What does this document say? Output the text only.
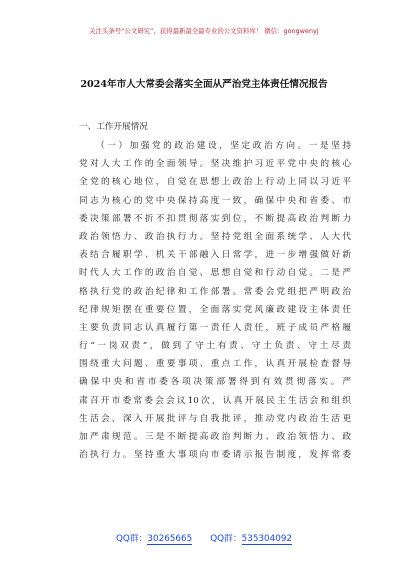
关注头条号“公文研究”，获得最新最全最专业的公文资料库！ 微信：gongwenyj
2024年市人大常委会落实全面从严治党主体责任情况报告
一、工作开展情况
（一）加强党的政治建设，坚定政治方向。一是坚持
党对人大工作的全面领导。坚决维护习近平党中央的核心
全党的核心地位，自觉在思想上政治上行动上同以习近平
同志为核心的党中央保持高度一致，确保中央和省委、市
委决策部署不折不扣贯彻落实到位，不断提高政治判断力
政治领悟力、政治执行力。坚持党组全面系统学、人大代
表结合履职学、机关干部融入日常学，进一步增强做好新
时代人大工作的政治自觉、思想自觉和行动自觉。二是严
格执行党的政治纪律和工作部署。常委会党组把严明政治
纪律规矩摆在重要位置，全面落实党风廉政建设主体责任
主要负责同志认真履行第一责任人责任，班子成员严格履
行“一岗双责”，做到了守土有责、守土负责、守土尽责
围绕重大问题、重要事项、重点工作，认真开展检查督导
确保中央和省市委各项决策部署得到有效贯彻落实。严
肃召开市委常委会会议10次，认真开展民主生活会和组织
生活会，深入开展批评与自我批评，推动党内政治生活更
加严肃规范。三是不断提高政治判断力、政治领悟力、政
治执行力。坚持重大事项向市委请示报告制度，发挥常委
QQ群：30265665 QQ群：535304092
